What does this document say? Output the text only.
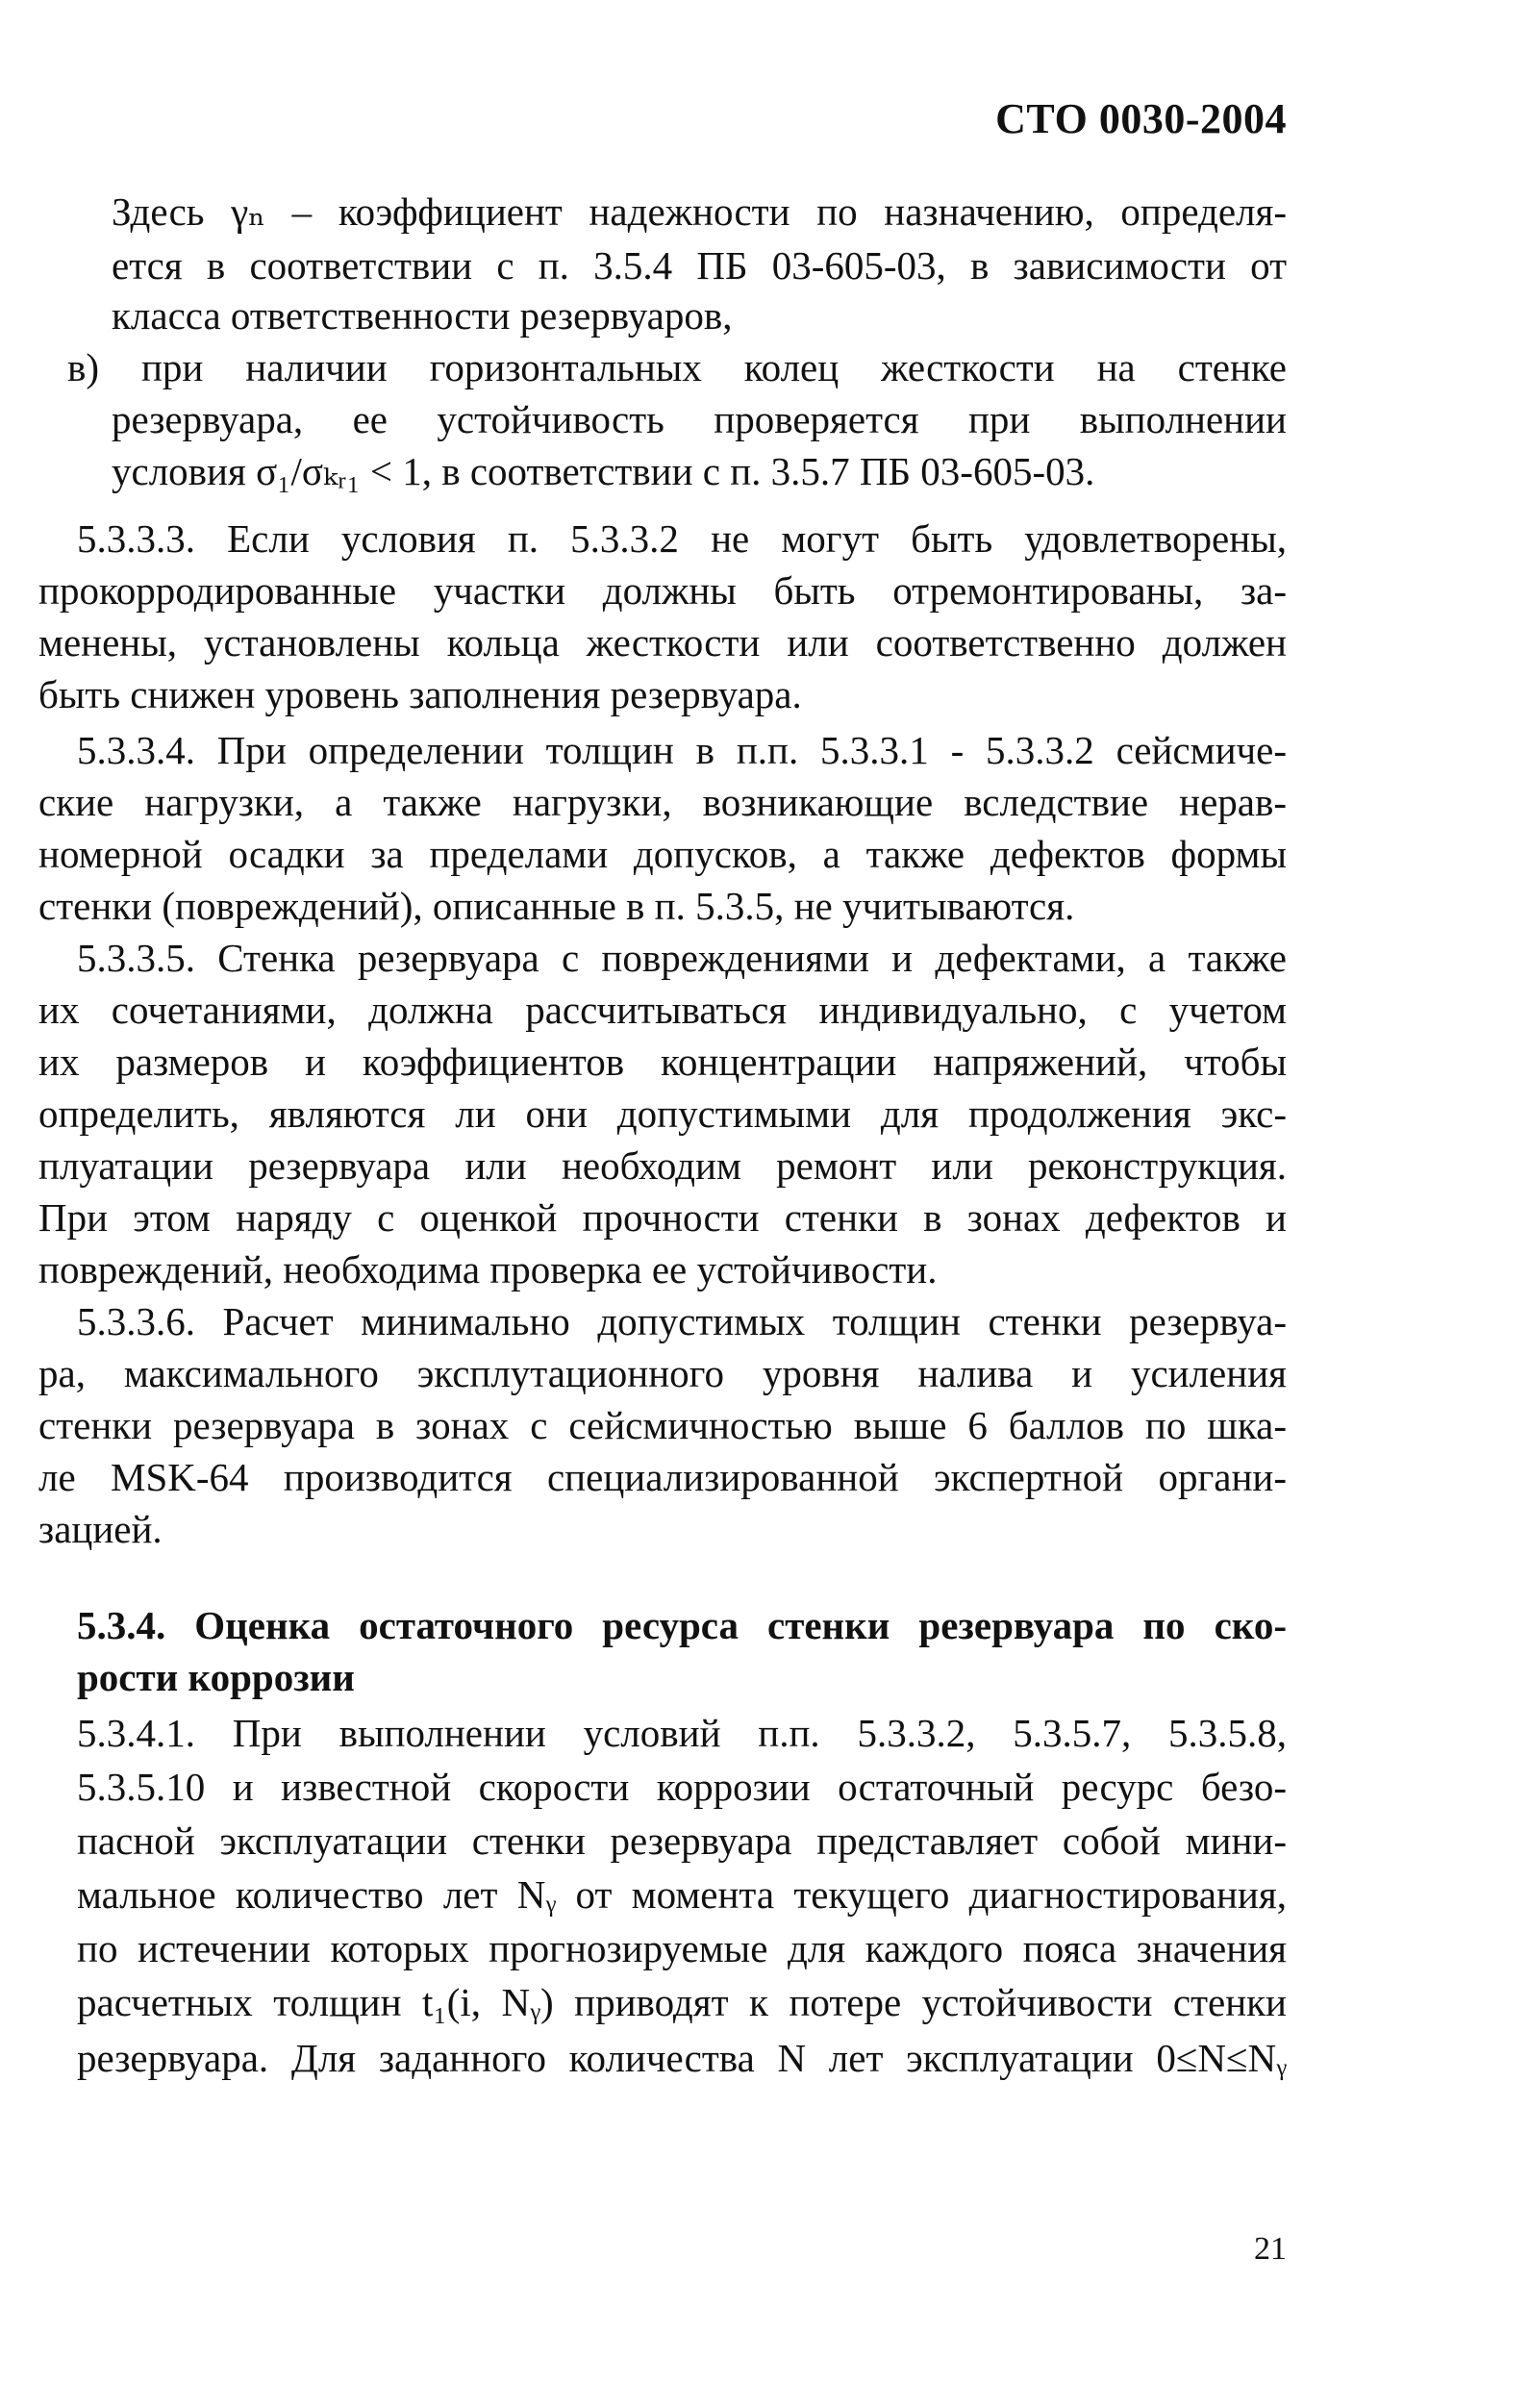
СТО 0030-2004
Здесь γₙ – коэффициент надежности по назначению, определя-
ется в соответствии с п. 3.5.4 ПБ 03-605-03, в зависимости от
класса ответственности резервуаров,
в) при наличии горизонтальных колец жесткости на стенке
резервуара, ее устойчивость проверяется при выполнении
условия σ₁/σₖᵣ₁ < 1, в соответствии с п. 3.5.7 ПБ 03-605-03.
5.3.3.3. Если условия п. 5.3.3.2 не могут быть удовлетворены,
прокорродированные участки должны быть отремонтированы, за-
менены, установлены кольца жесткости или соответственно должен
быть снижен уровень заполнения резервуара.
5.3.3.4. При определении толщин в п.п. 5.3.3.1 - 5.3.3.2 сейсмиче-
ские нагрузки, а также нагрузки, возникающие вследствие нерав-
номерной осадки за пределами допусков, а также дефектов формы
стенки (повреждений), описанные в п. 5.3.5, не учитываются.
5.3.3.5. Стенка резервуара с повреждениями и дефектами, а также
их сочетаниями, должна рассчитываться индивидуально, с учетом
их размеров и коэффициентов концентрации напряжений, чтобы
определить, являются ли они допустимыми для продолжения экс-
плуатации резервуара или необходим ремонт или реконструкция.
При этом наряду с оценкой прочности стенки в зонах дефектов и
повреждений, необходима проверка ее устойчивости.
5.3.3.6. Расчет минимально допустимых толщин стенки резервуа-
ра, максимального эксплутационного уровня налива и усиления
стенки резервуара в зонах с сейсмичностью выше 6 баллов по шка-
ле MSK-64 производится специализированной экспертной органи-
зацией.
5.3.4. Оценка остаточного ресурса стенки резервуара по ско-
рости коррозии
5.3.4.1. При выполнении условий п.п. 5.3.3.2, 5.3.5.7, 5.3.5.8,
5.3.5.10 и известной скорости коррозии остаточный ресурс безо-
пасной эксплуатации стенки резервуара представляет собой мини-
мальное количество лет Nᵧ от момента текущего диагностирования,
по истечении которых прогнозируемые для каждого пояса значения
расчетных толщин t₁(i, Nᵧ) приводят к потере устойчивости стенки
резервуара. Для заданного количества N лет эксплуатации 0≤N≤Nᵧ
21
